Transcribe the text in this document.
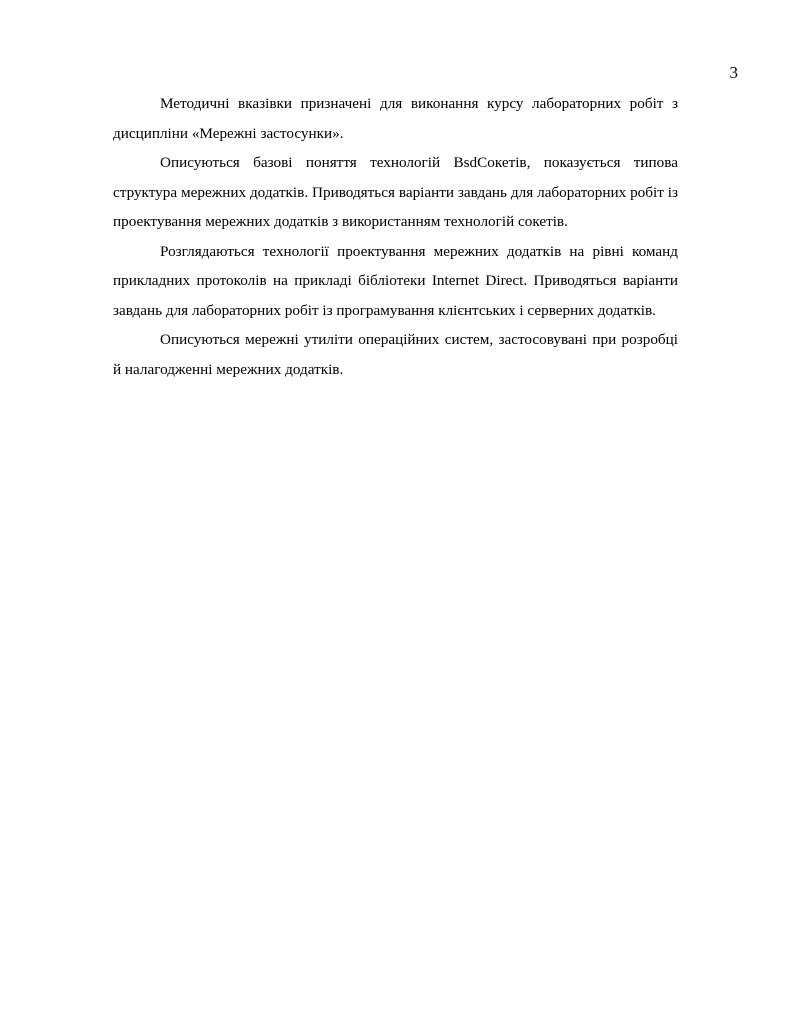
3

Методичні вказівки призначені для виконання курсу лабораторних робіт з дисципліни «Мережні застосунки».

Описуються базові поняття технологій BsdСокетів, показується типова структура мережних додатків. Приводяться варіанти завдань для лабораторних робіт із проектування мережних додатків з використанням технологій сокетів.

Розглядаються технології проектування мережних додатків на рівні команд прикладних протоколів на прикладі бібліотеки Internet Direct. Приводяться варіанти завдань для лабораторних робіт із програмування клієнтських і серверних додатків.

Описуються мережні утиліти операційних систем, застосовувані при розробці й налагодженні мережних додатків.
